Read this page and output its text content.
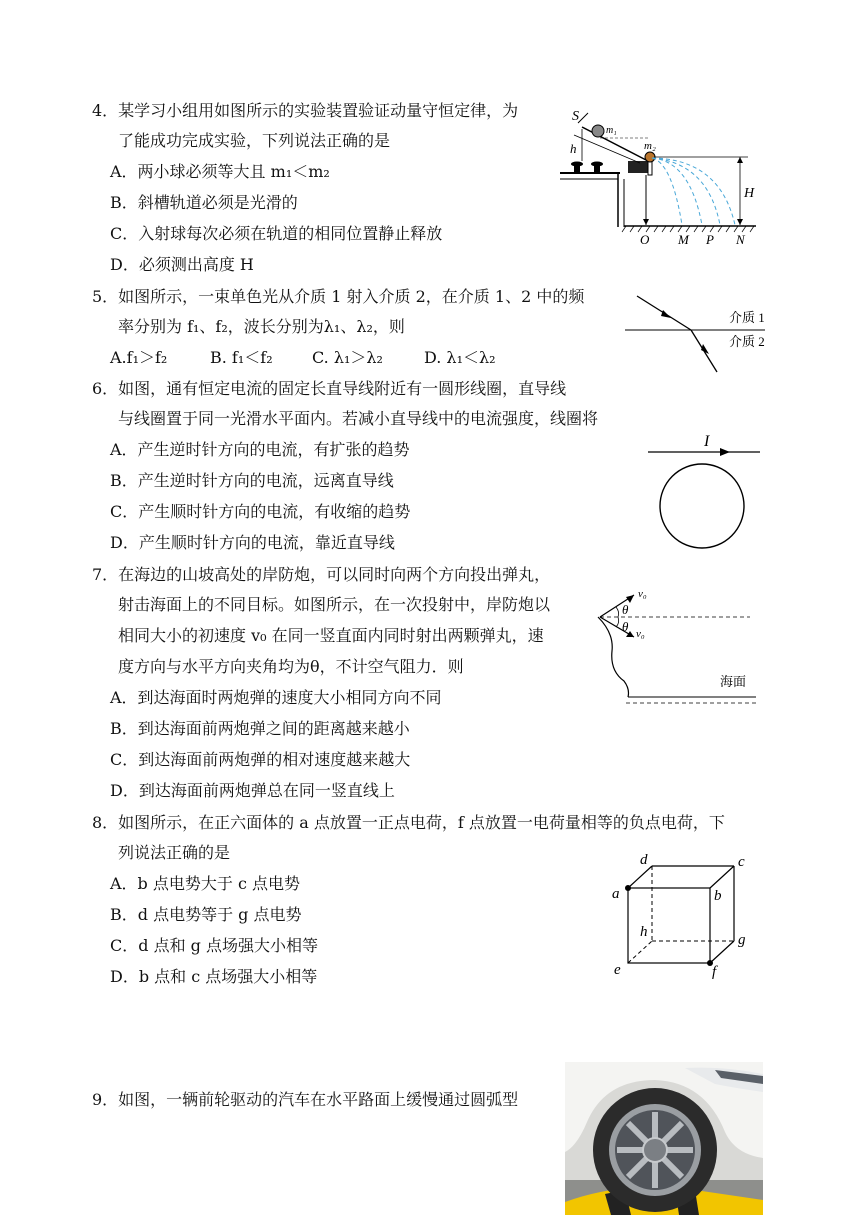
4．某学习小组用如图所示的实验装置验证动量守恒定律，为
了能成功完成实验，下列说法正确的是
A．两小球必须等大且 m₁＜m₂
B．斜槽轨道必须是光滑的
C．入射球每次必须在轨道的相同位置静止释放
D．必须测出高度 H
S
m₁
m₂
h
H
O M P N
5．如图所示，一束单色光从介质 1 射入介质 2，在介质 1、2 中的频
率分别为 f₁、f₂，波长分别为λ₁、λ₂，则
A.f₁＞f₂	B. f₁＜f₂ C. λ₁＞λ₂	D. λ₁＜λ₂
介质 1
介质 2
6．如图，通有恒定电流的固定长直导线附近有一圆形线圈，直导线
与线圈置于同一光滑水平面内。若减小直导线中的电流强度，线圈将
A．产生逆时针方向的电流，有扩张的趋势
B．产生逆时针方向的电流，远离直导线
C．产生顺时针方向的电流，有收缩的趋势
D．产生顺时针方向的电流，靠近直导线
I
7．在海边的山坡高处的岸防炮，可以同时向两个方向投出弹丸，
射击海面上的不同目标。如图所示，在一次投射中，岸防炮以
相同大小的初速度 v₀ 在同一竖直面内同时射出两颗弹丸，速
度方向与水平方向夹角均为θ，不计空气阻力．则
A．到达海面时两炮弹的速度大小相同方向不同
B．到达海面前两炮弹之间的距离越来越小
C．到达海面前两炮弹的相对速度越来越大
D．到达海面前两炮弹总在同一竖直线上
v₀
v₀
θ
θ
海面
8．如图所示，在正六面体的 a 点放置一正点电荷，f 点放置一电荷量相等的负点电荷，下
列说法正确的是
A．b 点电势大于 c 点电势
B．d 点电势等于 g 点电势
C．d 点和 g 点场强大小相等
D．b 点和 c 点场强大小相等
d	c
a	b
h	g
e	f
9．如图，一辆前轮驱动的汽车在水平路面上缓慢通过圆弧型
